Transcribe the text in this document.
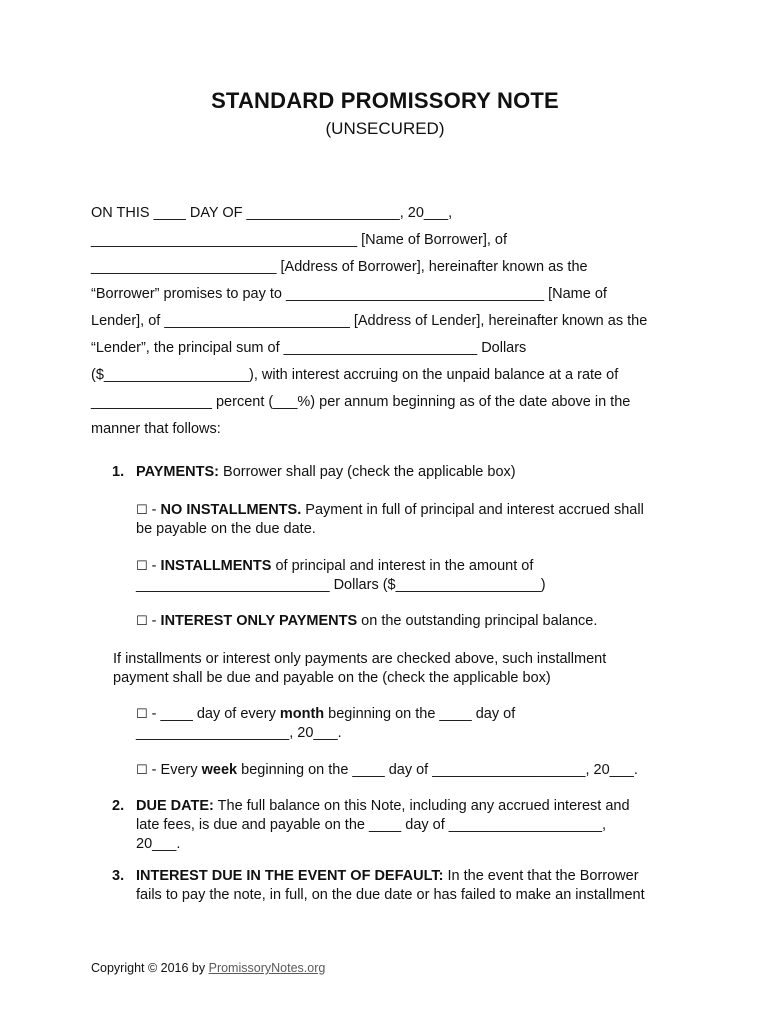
STANDARD PROMISSORY NOTE
(UNSECURED)
ON THIS ____ DAY OF ___________________, 20___,
_________________________________ [Name of Borrower], of
_______________________ [Address of Borrower], hereinafter known as the
“Borrower” promises to pay to ________________________________ [Name of
Lender], of _______________________ [Address of Lender], hereinafter known as the
“Lender”, the principal sum of ________________________ Dollars
($__________________), with interest accruing on the unpaid balance at a rate of
_______________ percent (___%) per annum beginning as of the date above in the
manner that follows:
1. PAYMENTS: Borrower shall pay (check the applicable box)
☐ - NO INSTALLMENTS. Payment in full of principal and interest accrued shall
be payable on the due date.
☐ - INSTALLMENTS of principal and interest in the amount of
________________________ Dollars ($__________________)
☐ - INTEREST ONLY PAYMENTS on the outstanding principal balance.
If installments or interest only payments are checked above, such installment
payment shall be due and payable on the (check the applicable box)
☐ - ____ day of every month beginning on the ____ day of
___________________, 20___.
☐ - Every week beginning on the ____ day of ___________________, 20___.
2. DUE DATE: The full balance on this Note, including any accrued interest and
late fees, is due and payable on the ____ day of ___________________,
20___.
3. INTEREST DUE IN THE EVENT OF DEFAULT: In the event that the Borrower
fails to pay the note, in full, on the due date or has failed to make an installment
Copyright © 2016 by PromissoryNotes.org
